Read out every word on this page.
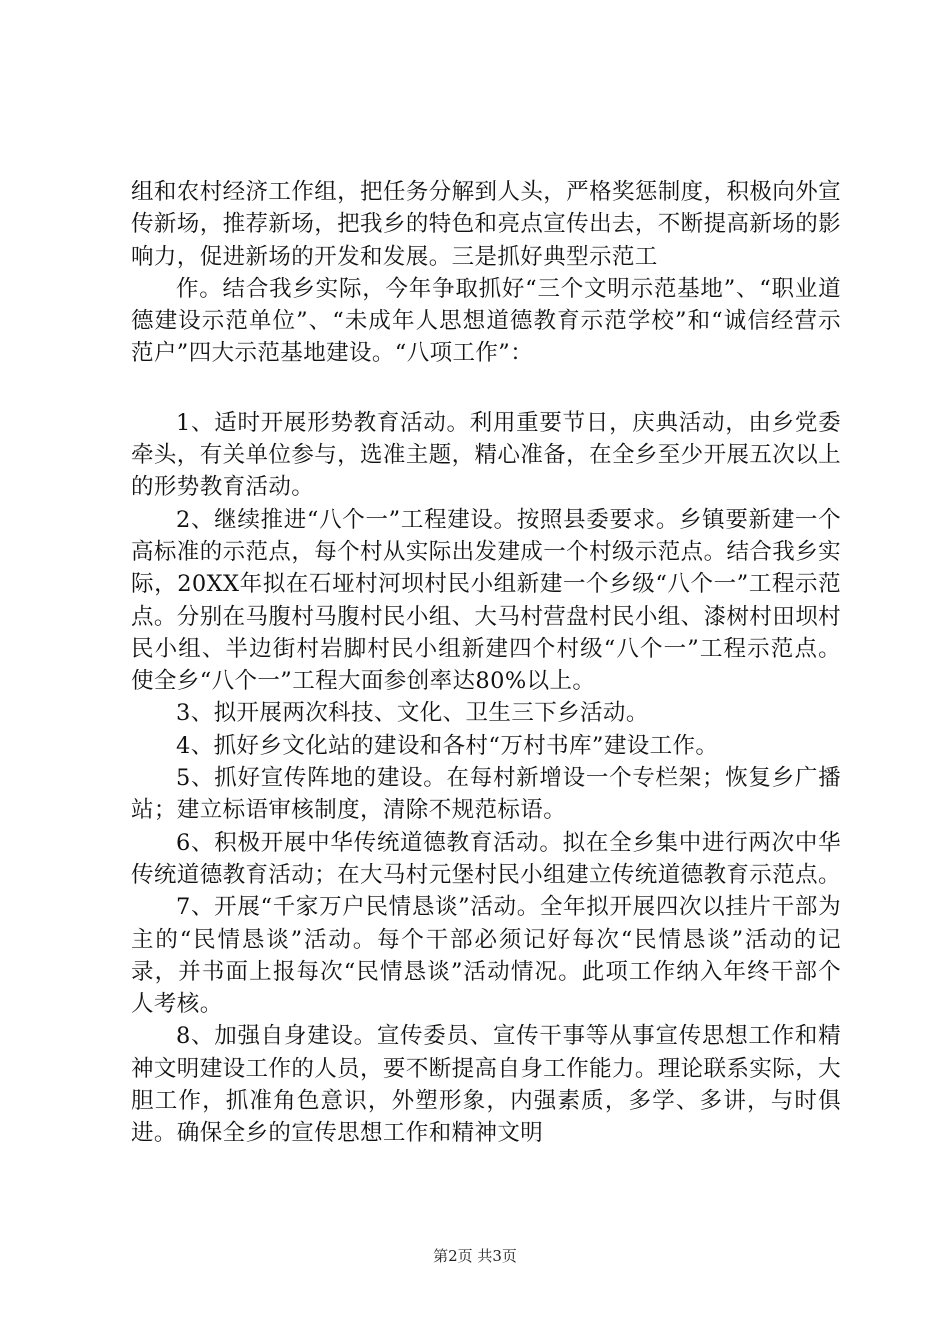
组和农村经济工作组，把任务分解到人头，严格奖惩制度，积极向外宣传新场，推荐新场，把我乡的特色和亮点宣传出去，不断提高新场的影响力，促进新场的开发和发展。三是抓好典型示范工

作。结合我乡实际，今年争取抓好“三个文明示范基地”、“职业道德建设示范单位”、“未成年人思想道德教育示范学校”和“诚信经营示范户”四大示范基地建设。“八项工作”：

1、适时开展形势教育活动。利用重要节日，庆典活动，由乡党委牵头，有关单位参与，选准主题，精心准备，在全乡至少开展五次以上的形势教育活动。

2、继续推进“八个一”工程建设。按照县委要求。乡镇要新建一个高标准的示范点，每个村从实际出发建成一个村级示范点。结合我乡实际，20XX年拟在石垭村河坝村民小组新建一个乡级“八个一”工程示范点。分别在马腹村马腹村民小组、大马村营盘村民小组、漆树村田坝村民小组、半边街村岩脚村民小组新建四个村级“八个一”工程示范点。使全乡“八个一”工程大面参创率达80%以上。

3、拟开展两次科技、文化、卫生三下乡活动。

4、抓好乡文化站的建设和各村“万村书库”建设工作。

5、抓好宣传阵地的建设。在每村新增设一个专栏架；恢复乡广播站；建立标语审核制度，清除不规范标语。

6、积极开展中华传统道德教育活动。拟在全乡集中进行两次中华传统道德教育活动；在大马村元堡村民小组建立传统道德教育示范点。

7、开展“千家万户民情恳谈”活动。全年拟开展四次以挂片干部为主的“民情恳谈”活动。每个干部必须记好每次“民情恳谈”活动的记录，并书面上报每次“民情恳谈”活动情况。此项工作纳入年终干部个人考核。

8、加强自身建设。宣传委员、宣传干事等从事宣传思想工作和精神文明建设工作的人员，要不断提高自身工作能力。理论联系实际，大胆工作，抓准角色意识，外塑形象，内强素质，多学、多讲，与时俱进。确保全乡的宣传思想工作和精神文明

第2页 共3页
